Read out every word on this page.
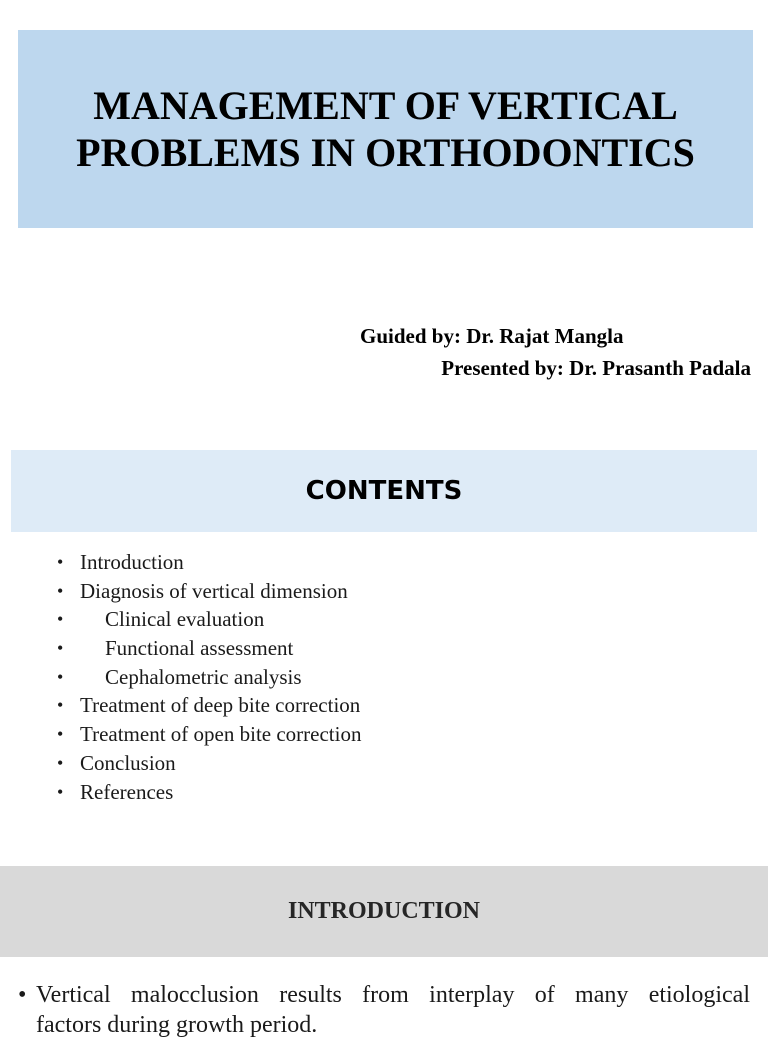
MANAGEMENT OF VERTICAL
PROBLEMS IN ORTHODONTICS
Guided by: Dr. Rajat Mangla
Presented by: Dr. Prasanth Padala
CONTENTS
• Introduction
• Diagnosis of vertical dimension
• Clinical evaluation
• Functional assessment
• Cephalometric analysis
• Treatment of deep bite correction
• Treatment of open bite correction
• Conclusion
• References
INTRODUCTION
• Vertical malocclusion results from interplay of many etiological
factors during growth period.
